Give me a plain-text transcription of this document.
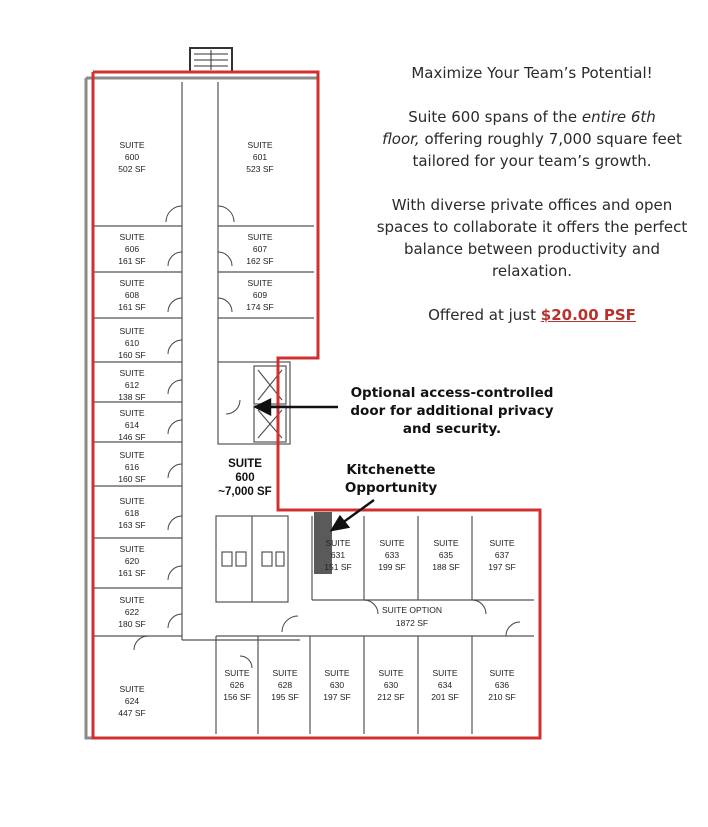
SUITE
600
502 SF
SUITE
601
523 SF
SUITE
606
161 SF
SUITE
607
162 SF
SUITE
608
161 SF
SUITE
609
174 SF
SUITE
610
160 SF
SUITE
612
138 SF
SUITE
614
146 SF
SUITE
616
160 SF
SUITE
618
163 SF
SUITE
620
161 SF
SUITE
622
180 SF
SUITE
624
447 SF
SUITE
631
151 SF
SUITE
633
199 SF
SUITE
635
188 SF
SUITE
637
197 SF
SUITE
626
156 SF
SUITE
628
195 SF
SUITE
630
197 SF
SUITE
630
212 SF
SUITE
634
201 SF
SUITE
636
210 SF
SUITE OPTION
1872 SF
SUITE
600
~7,000 SF
Maximize Your Team’s Potential!
Suite 600 spans of the entire 6th
floor, offering roughly 7,000 square feet tailored for your team’s growth.
With diverse private offices and open spaces to collaborate it offers the perfect balance between productivity and relaxation.
Offered at just $20.00 PSF
Optional access-controlled door for additional privacy and security.
Kitchenette Opportunity
